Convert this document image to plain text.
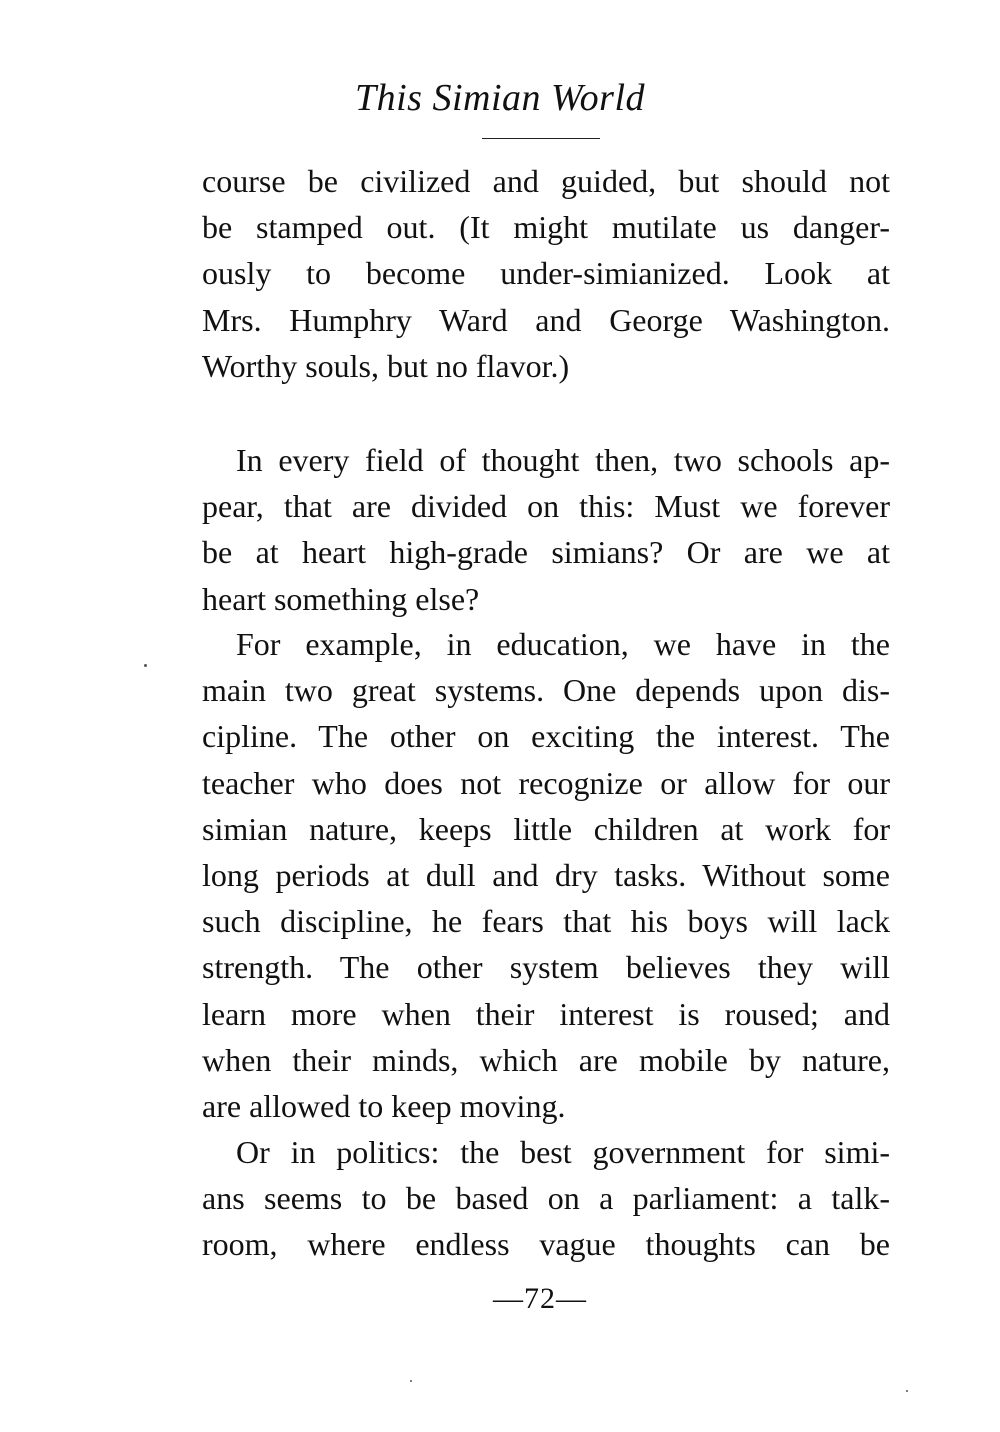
This Simian World

course be civilized and guided, but should not
be stamped out. (It might mutilate us danger-
ously to become under-simianized. Look at
Mrs. Humphry Ward and George Washington.
Worthy souls, but no flavor.)

In every field of thought then, two schools ap-
pear, that are divided on this: Must we forever
be at heart high-grade simians? Or are we at
heart something else?

For example, in education, we have in the
main two great systems. One depends upon dis-
cipline. The other on exciting the interest. The
teacher who does not recognize or allow for our
simian nature, keeps little children at work for
long periods at dull and dry tasks. Without some
such discipline, he fears that his boys will lack
strength. The other system believes they will
learn more when their interest is roused; and
when their minds, which are mobile by nature,
are allowed to keep moving.

Or in politics: the best government for simi-
ans seems to be based on a parliament: a talk-
room, where endless vague thoughts can be

—72—
